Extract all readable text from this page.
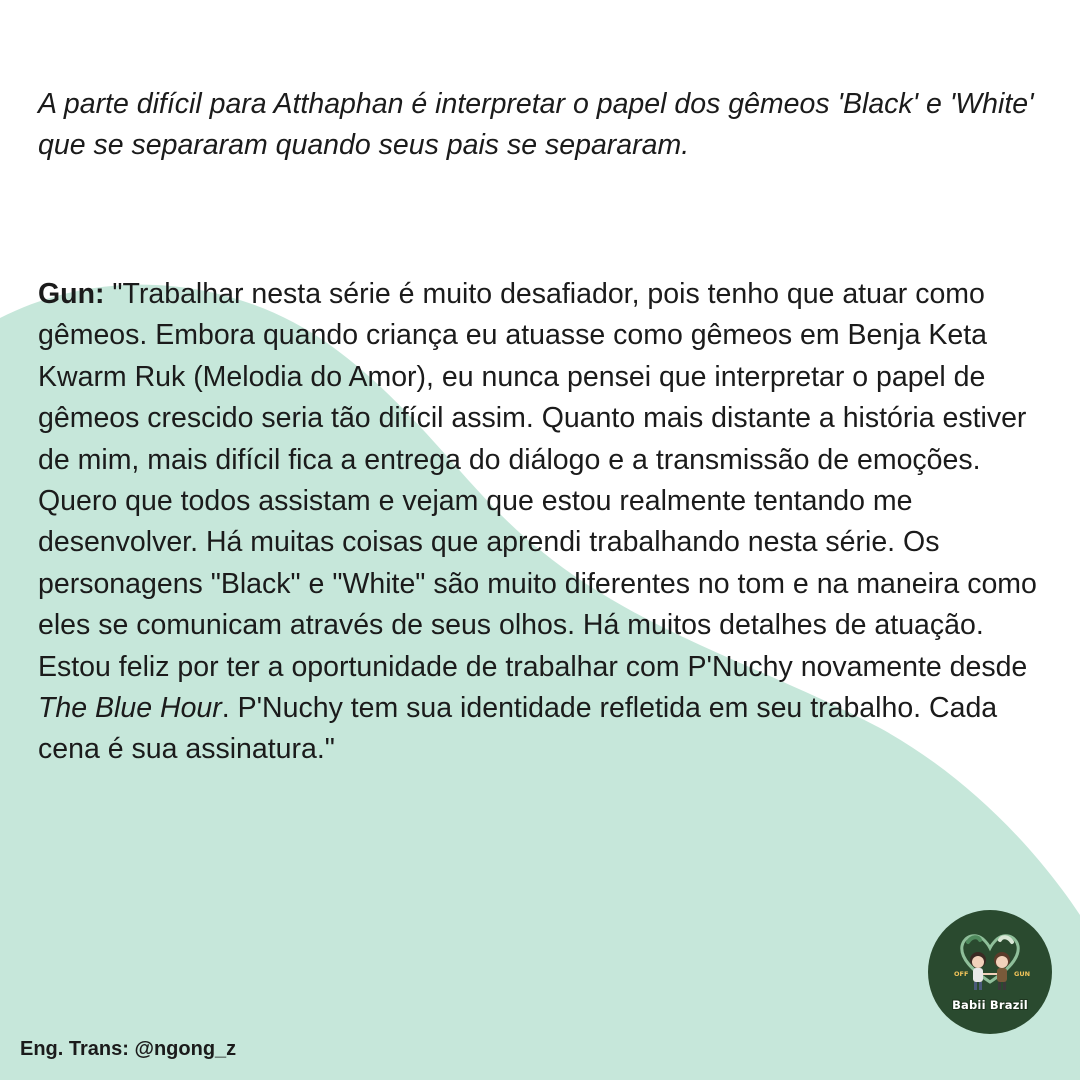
A parte difícil para Atthaphan é interpretar o papel dos gêmeos 'Black' e 'White' que se separaram quando seus pais se separaram.

Gun: "Trabalhar nesta série é muito desafiador, pois tenho que atuar como gêmeos. Embora quando criança eu atuasse como gêmeos em Benja Keta Kwarm Ruk (Melodia do Amor), eu nunca pensei que interpretar o papel de gêmeos crescido seria tão difícil assim. Quanto mais distante a história estiver de mim, mais difícil fica a entrega do diálogo e a transmissão de emoções. Quero que todos assistam e vejam que estou realmente tentando me desenvolver. Há muitas coisas que aprendi trabalhando nesta série. Os personagens "Black" e "White" são muito diferentes no tom e na maneira como eles se comunicam através de seus olhos. Há muitos detalhes de atuação. Estou feliz por ter a oportunidade de trabalhar com P'Nuchy novamente desde The Blue Hour. P'Nuchy tem sua identidade refletida em seu trabalho. Cada cena é sua assinatura."

Eng. Trans: @ngong_z
OFF	GUN
Babii Brazil
